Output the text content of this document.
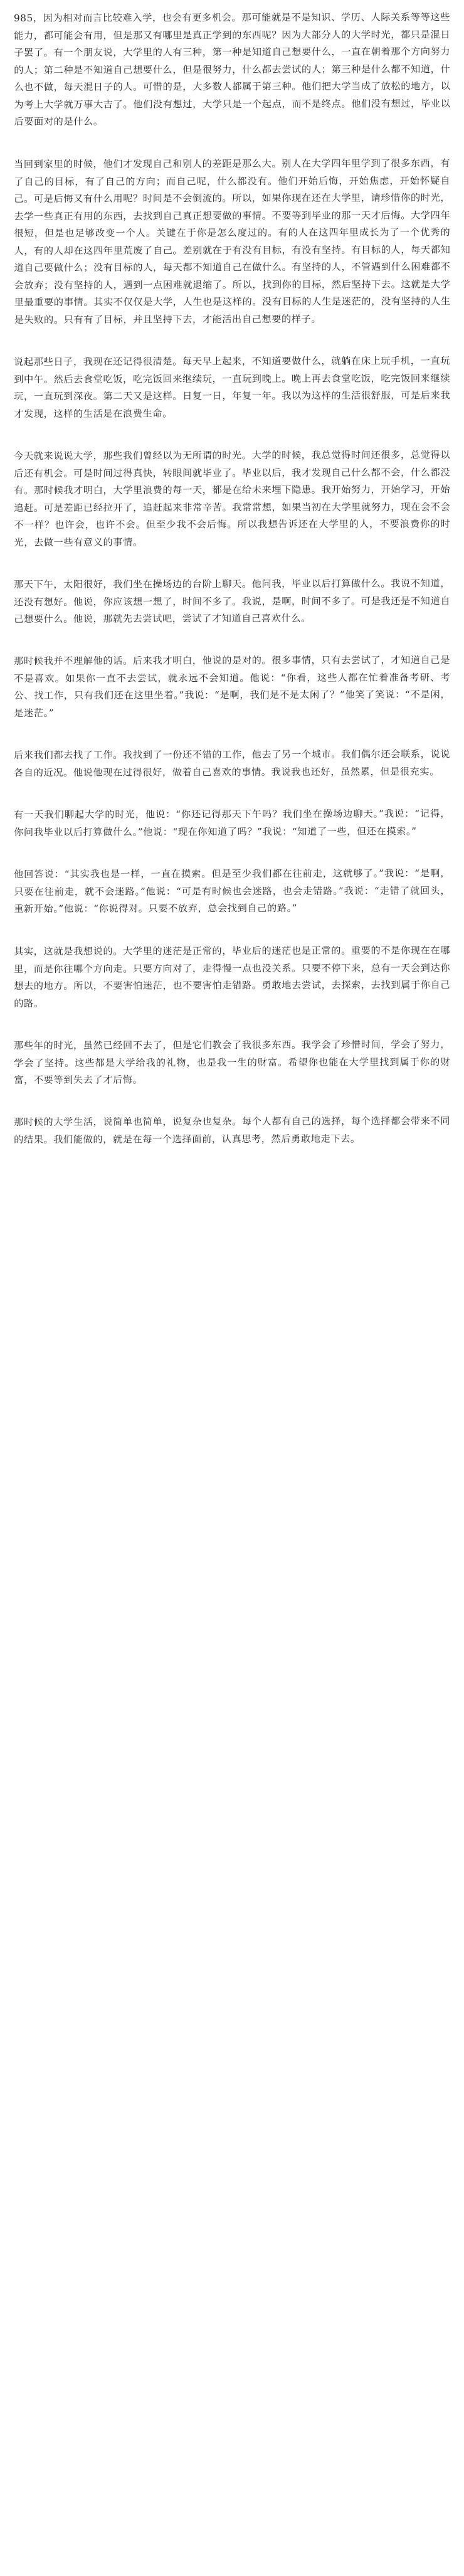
985，因为相对而言比较难入学，也会有更多机会。那可能就是不是知识、学历、人际关系等等这些能力，都可能会有用，但是那又有哪里是真正学到的东西呢？因为大部分人的大学时光，都只是混日子罢了。有一个朋友说，大学里的人有三种，第一种是知道自己想要什么，一直在朝着那个方向努力的人；第二种是不知道自己想要什么，但是很努力，什么都去尝试的人；第三种是什么都不知道，什么也不做，每天混日子的人。可惜的是，大多数人都属于第三种。他们把大学当成了放松的地方，以为考上大学就万事大吉了。他们没有想过，大学只是一个起点，而不是终点。他们没有想过，毕业以后要面对的是什么。

当回到家里的时候，他们才发现自己和别人的差距是那么大。别人在大学四年里学到了很多东西，有了自己的目标，有了自己的方向；而自己呢，什么都没有。他们开始后悔，开始焦虑，开始怀疑自己。可是后悔又有什么用呢？时间是不会倒流的。所以，如果你现在还在大学里，请珍惜你的时光，去学一些真正有用的东西，去找到自己真正想要做的事情。不要等到毕业的那一天才后悔。大学四年很短，但是也足够改变一个人。关键在于你是怎么度过的。有的人在这四年里成长为了一个优秀的人，有的人却在这四年里荒废了自己。差别就在于有没有目标，有没有坚持。有目标的人，每天都知道自己要做什么；没有目标的人，每天都不知道自己在做什么。有坚持的人，不管遇到什么困难都不会放弃；没有坚持的人，遇到一点困难就退缩了。所以，找到你的目标，然后坚持下去。这就是大学里最重要的事情。其实不仅仅是大学，人生也是这样的。没有目标的人生是迷茫的，没有坚持的人生是失败的。只有有了目标，并且坚持下去，才能活出自己想要的样子。

说起那些日子，我现在还记得很清楚。每天早上起来，不知道要做什么，就躺在床上玩手机，一直玩到中午。然后去食堂吃饭，吃完饭回来继续玩，一直玩到晚上。晚上再去食堂吃饭，吃完饭回来继续玩，一直玩到深夜。第二天又是这样。日复一日，年复一年。我以为这样的生活很舒服，可是后来我才发现，这样的生活是在浪费生命。

今天就来说说大学，那些我们曾经以为无所谓的时光。大学的时候，我总觉得时间还很多，总觉得以后还有机会。可是时间过得真快，转眼间就毕业了。毕业以后，我才发现自己什么都不会，什么都没有。那时候我才明白，大学里浪费的每一天，都是在给未来埋下隐患。我开始努力，开始学习，开始追赶。可是差距已经拉开了，追赶起来非常辛苦。我常常想，如果当初在大学里就努力，现在会不会不一样？也许会，也许不会。但至少我不会后悔。所以我想告诉还在大学里的人，不要浪费你的时光，去做一些有意义的事情。

那天下午，太阳很好，我们坐在操场边的台阶上聊天。他问我，毕业以后打算做什么。我说不知道，还没有想好。他说，你应该想一想了，时间不多了。我说，是啊，时间不多了。可是我还是不知道自己想要什么。他说，那就先去尝试吧，尝试了才知道自己喜欢什么。

那时候我并不理解他的话。后来我才明白，他说的是对的。很多事情，只有去尝试了，才知道自己是不是喜欢。如果你一直不去尝试，就永远不会知道。他说：“你看，这些人都在忙着准备考研、考公、找工作，只有我们还在这里坐着。”我说：“是啊，我们是不是太闲了？”他笑了笑说：“不是闲，是迷茫。”

后来我们都去找了工作。我找到了一份还不错的工作，他去了另一个城市。我们偶尔还会联系，说说各自的近况。他说他现在过得很好，做着自己喜欢的事情。我说我也还好，虽然累，但是很充实。

有一天我们聊起大学的时光，他说：“你还记得那天下午吗？我们坐在操场边聊天。”我说：“记得，你问我毕业以后打算做什么。”他说：“现在你知道了吗？”我说：“知道了一些，但还在摸索。”

他回答说：“其实我也是一样，一直在摸索。但是至少我们都在往前走，这就够了。”我说：“是啊，只要在往前走，就不会迷路。”他说：“可是有时候也会迷路，也会走错路。”我说：“走错了就回头，重新开始。”他说：“你说得对。只要不放弃，总会找到自己的路。”

其实，这就是我想说的。大学里的迷茫是正常的，毕业后的迷茫也是正常的。重要的不是你现在在哪里，而是你往哪个方向走。只要方向对了，走得慢一点也没关系。只要不停下来，总有一天会到达你想去的地方。所以，不要害怕迷茫，也不要害怕走错路。勇敢地去尝试，去探索，去找到属于你自己的路。

那些年的时光，虽然已经回不去了，但是它们教会了我很多东西。我学会了珍惜时间，学会了努力，学会了坚持。这些都是大学给我的礼物，也是我一生的财富。希望你也能在大学里找到属于你的财富，不要等到失去了才后悔。

那时候的大学生活，说简单也简单，说复杂也复杂。每个人都有自己的选择，每个选择都会带来不同的结果。我们能做的，就是在每一个选择面前，认真思考，然后勇敢地走下去。
